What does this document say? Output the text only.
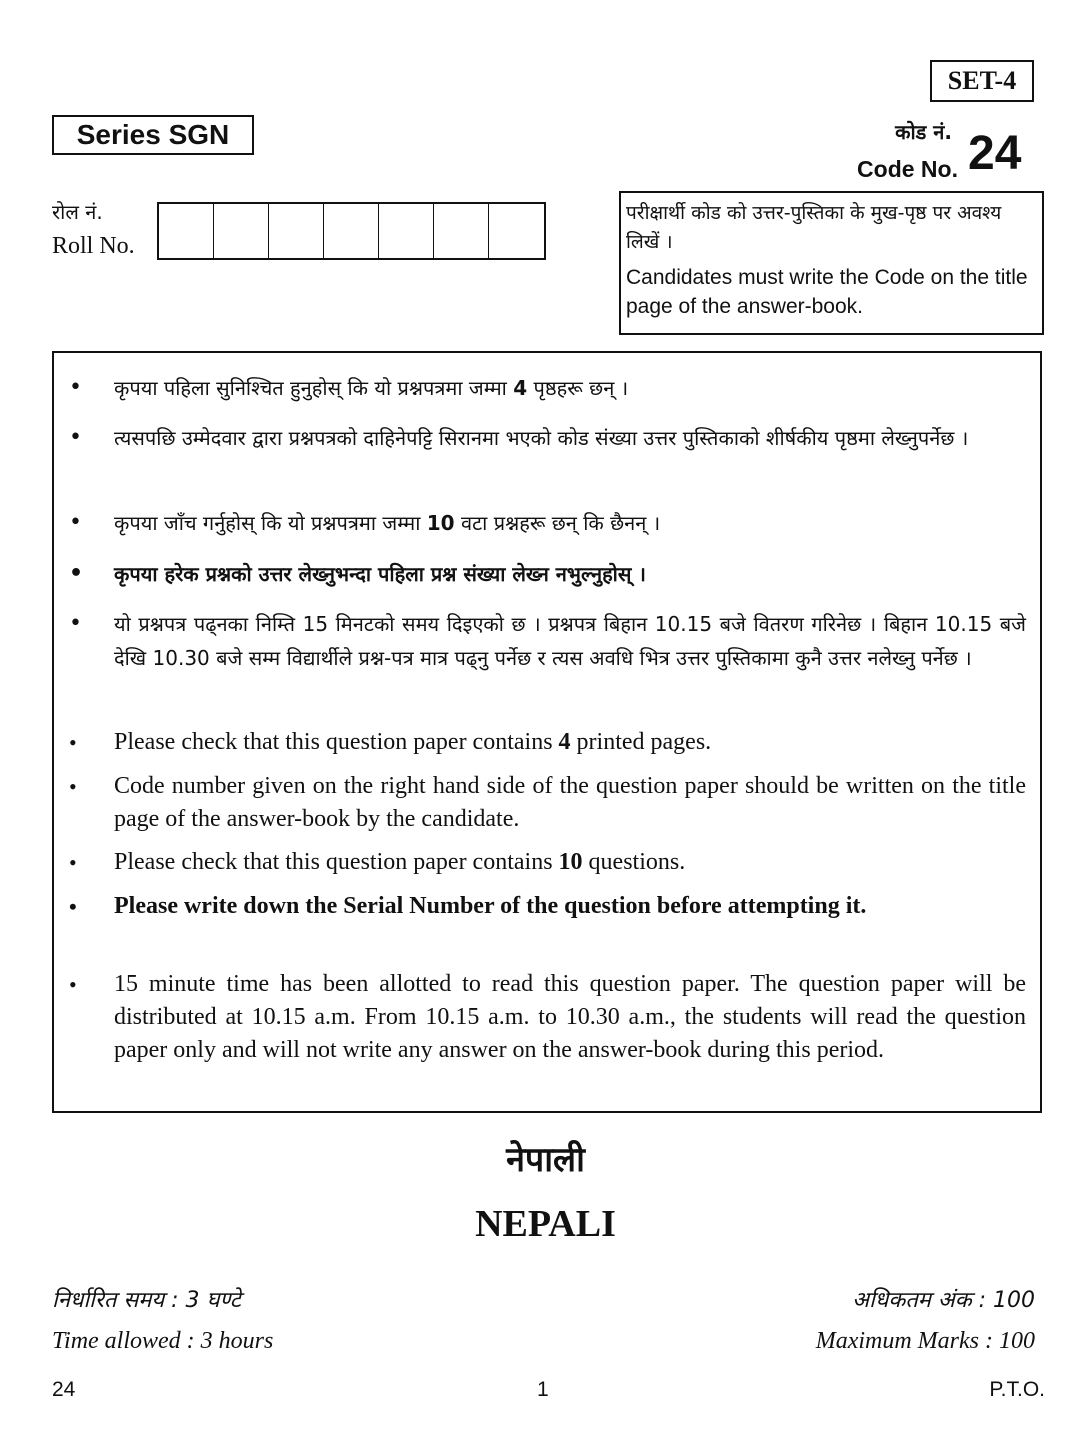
SET-4
Series SGN	कोड नं.
Code No. 24
रोल नं.
Roll No.

परीक्षार्थी कोड को उत्तर-पुस्तिका के मुख-पृष्ठ पर अवश्य लिखें ।

Candidates must write the Code on the title page of the answer-book.

• कृपया पहिला सुनिश्चित हुनुहोस् कि यो प्रश्नपत्रमा जम्मा 4 पृष्ठहरू छन् ।
• त्यसपछि उम्मेदवार द्वारा प्रश्नपत्रको दाहिनेपट्टि सिरानमा भएको कोड संख्या उत्तर पुस्तिकाको शीर्षकीय पृष्ठमा लेख्नुपर्नेछ ।
• कृपया जाँच गर्नुहोस् कि यो प्रश्नपत्रमा जम्मा 10 वटा प्रश्नहरू छन् कि छैनन् ।
• कृपया हरेक प्रश्नको उत्तर लेख्नुभन्दा पहिला प्रश्न संख्या लेख्न नभुल्नुहोस् ।
• यो प्रश्नपत्र पढ्नका निम्ति 15 मिनटको समय दिइएको छ । प्रश्नपत्र बिहान 10.15 बजे वितरण गरिनेछ । बिहान 10.15 बजे देखि 10.30 बजे सम्म विद्यार्थीले प्रश्न-पत्र मात्र पढ्नु पर्नेछ र त्यस अवधि भित्र उत्तर पुस्तिकामा कुनै उत्तर नलेख्नु पर्नेछ ।
• Please check that this question paper contains 4 printed pages.
• Code number given on the right hand side of the question paper should be written on the title page of the answer-book by the candidate.
• Please check that this question paper contains 10 questions.
• Please write down the Serial Number of the question before attempting it.
• 15 minute time has been allotted to read this question paper. The question paper will be distributed at 10.15 a.m. From 10.15 a.m. to 10.30 a.m., the students will read the question paper only and will not write any answer on the answer-book during this period.
नेपाली
NEPALI
निर्धारित समय : 3 घण्टे
Time allowed : 3 hours
अधिकतम अंक : 100
Maximum Marks : 100
24	1	P.T.O.
